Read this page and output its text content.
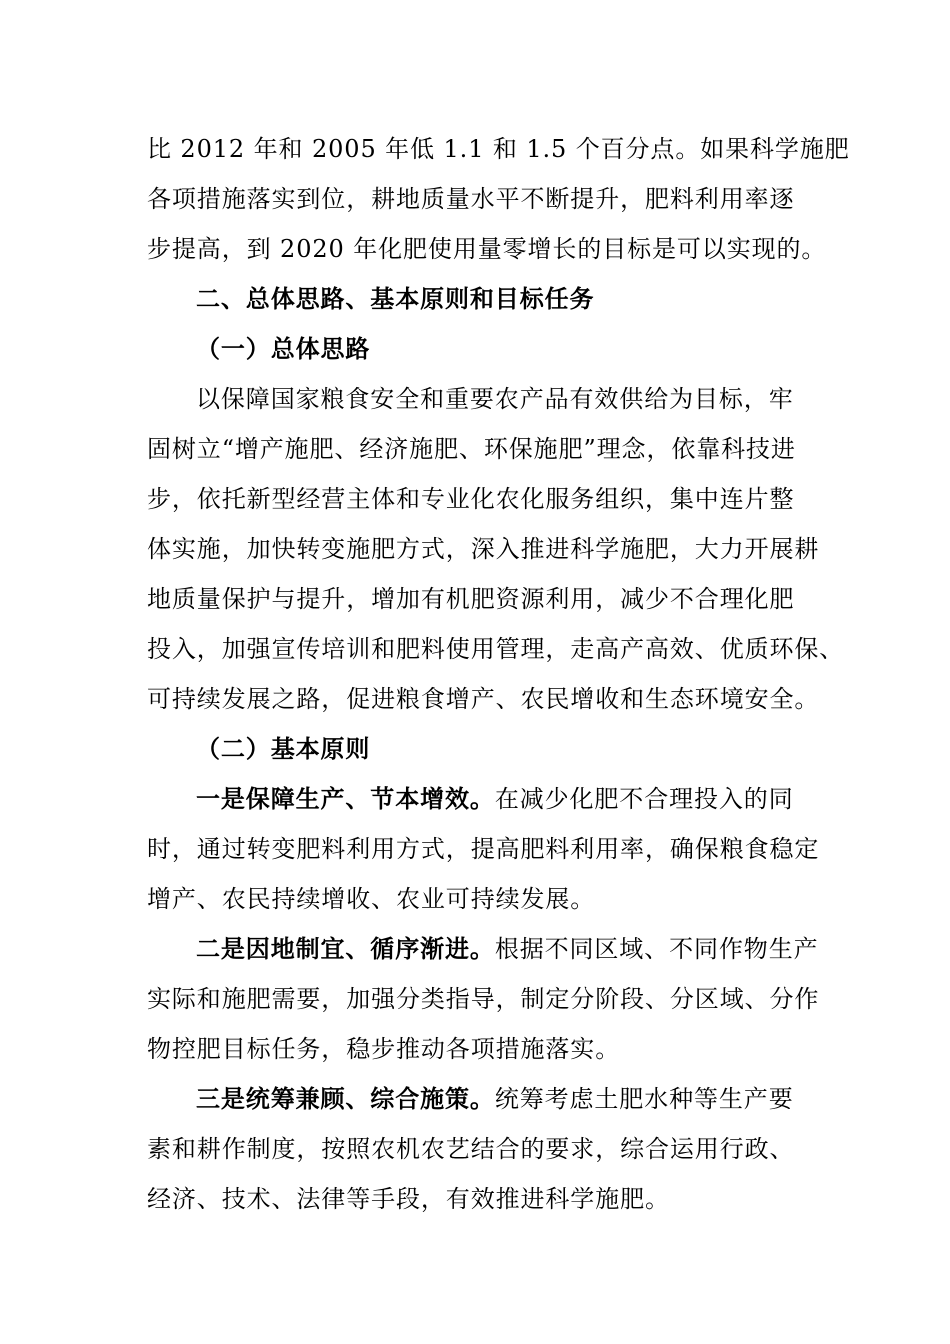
比 2012 年和 2005 年低 1.1 和 1.5 个百分点。如果科学施肥
各项措施落实到位，耕地质量水平不断提升，肥料利用率逐
步提高，到 2020 年化肥使用量零增长的目标是可以实现的。
二、总体思路、基本原则和目标任务
（一）总体思路
以保障国家粮食安全和重要农产品有效供给为目标，牢
固树立“增产施肥、经济施肥、环保施肥”理念，依靠科技进
步，依托新型经营主体和专业化农化服务组织，集中连片整
体实施，加快转变施肥方式，深入推进科学施肥，大力开展耕
地质量保护与提升，增加有机肥资源利用，减少不合理化肥
投入，加强宣传培训和肥料使用管理，走高产高效、优质环保、
可持续发展之路，促进粮食增产、农民增收和生态环境安全。
（二）基本原则
一是保障生产、节本增效。在减少化肥不合理投入的同
时，通过转变肥料利用方式，提高肥料利用率，确保粮食稳定
增产、农民持续增收、农业可持续发展。
二是因地制宜、循序渐进。根据不同区域、不同作物生产
实际和施肥需要，加强分类指导，制定分阶段、分区域、分作
物控肥目标任务，稳步推动各项措施落实。
三是统筹兼顾、综合施策。统筹考虑土肥水种等生产要
素和耕作制度，按照农机农艺结合的要求，综合运用行政、
经济、技术、法律等手段，有效推进科学施肥。
